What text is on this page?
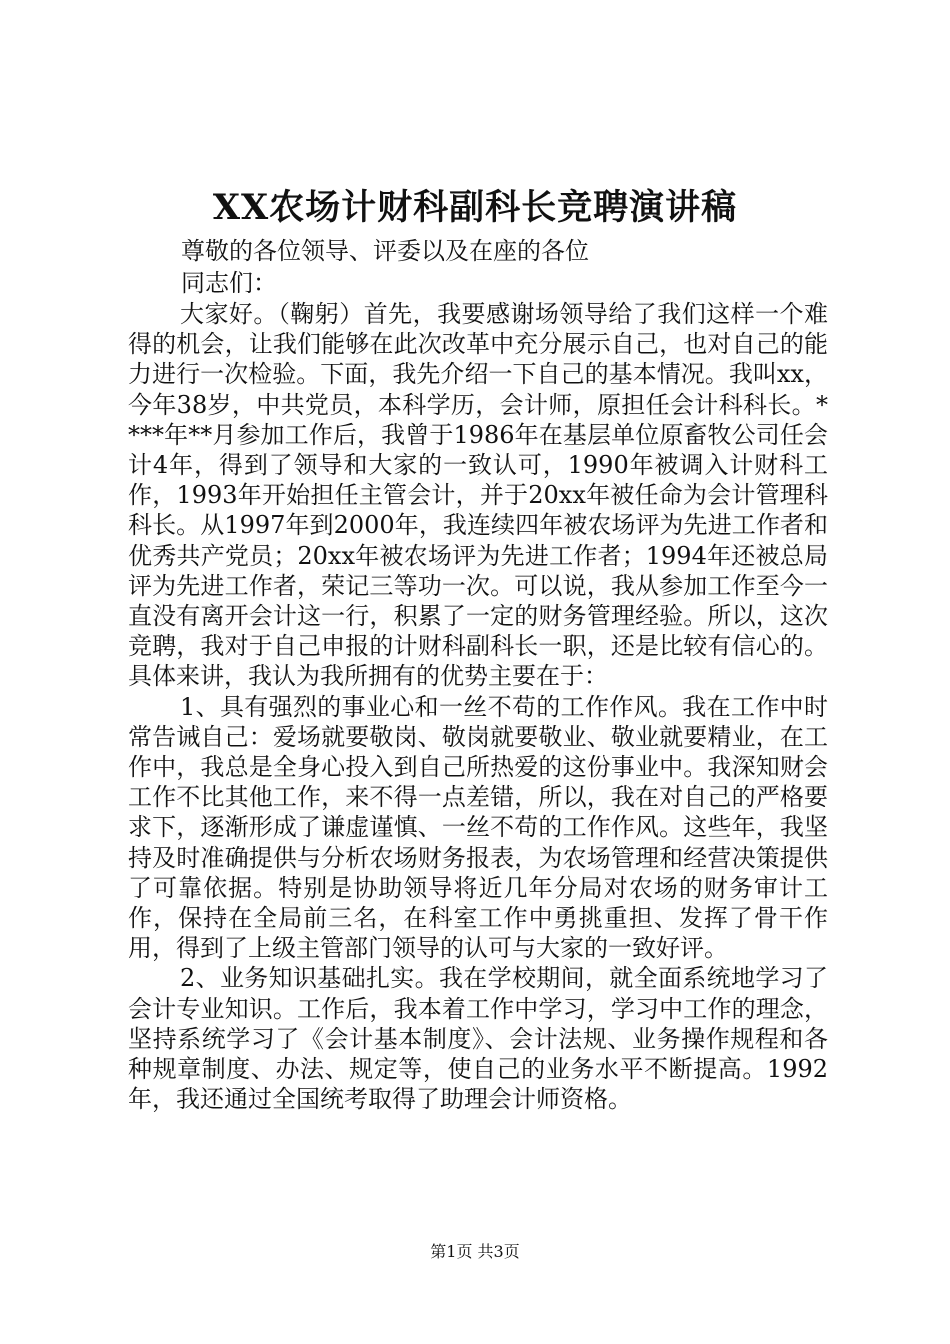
XX农场计财科副科长竞聘演讲稿
尊敬的各位领导、评委以及在座的各位
同志们：

大家好。（鞠躬）首先，我要感谢场领导给了我们这样一个难得的机会，让我们能够在此次改革中充分展示自己，也对自己的能力进行一次检验。下面，我先介绍一下自己的基本情况。我叫xx，今年38岁，中共党员，本科学历，会计师，原担任会计科科长。****年**月参加工作后，我曾于1986年在基层单位原畜牧公司任会计4年，得到了领导和大家的一致认可，1990年被调入计财科工作，1993年开始担任主管会计，并于20xx年被任命为会计管理科科长。从1997年到2000年，我连续四年被农场评为先进工作者和优秀共产党员；20xx年被农场评为先进工作者；1994年还被总局评为先进工作者，荣记三等功一次。可以说，我从参加工作至今一直没有离开会计这一行，积累了一定的财务管理经验。所以，这次竞聘，我对于自己申报的计财科副科长一职，还是比较有信心的。具体来讲，我认为我所拥有的优势主要在于：

1、具有强烈的事业心和一丝不苟的工作作风。我在工作中时常告诫自己：爱场就要敬岗、敬岗就要敬业、敬业就要精业，在工作中，我总是全身心投入到自己所热爱的这份事业中。我深知财会工作不比其他工作，来不得一点差错，所以，我在对自己的严格要求下，逐渐形成了谦虚谨慎、一丝不苟的工作作风。这些年，我坚持及时准确提供与分析农场财务报表，为农场管理和经营决策提供了可靠依据。特别是协助领导将近几年分局对农场的财务审计工作，保持在全局前三名，在科室工作中勇挑重担、发挥了骨干作用，得到了上级主管部门领导的认可与大家的一致好评。

2、业务知识基础扎实。我在学校期间，就全面系统地学习了会计专业知识。工作后，我本着工作中学习，学习中工作的理念，坚持系统学习了《会计基本制度》、会计法规、业务操作规程和各种规章制度、办法、规定等，使自己的业务水平不断提高。1992年，我还通过全国统考取得了助理会计师资格。

第1页 共3页
